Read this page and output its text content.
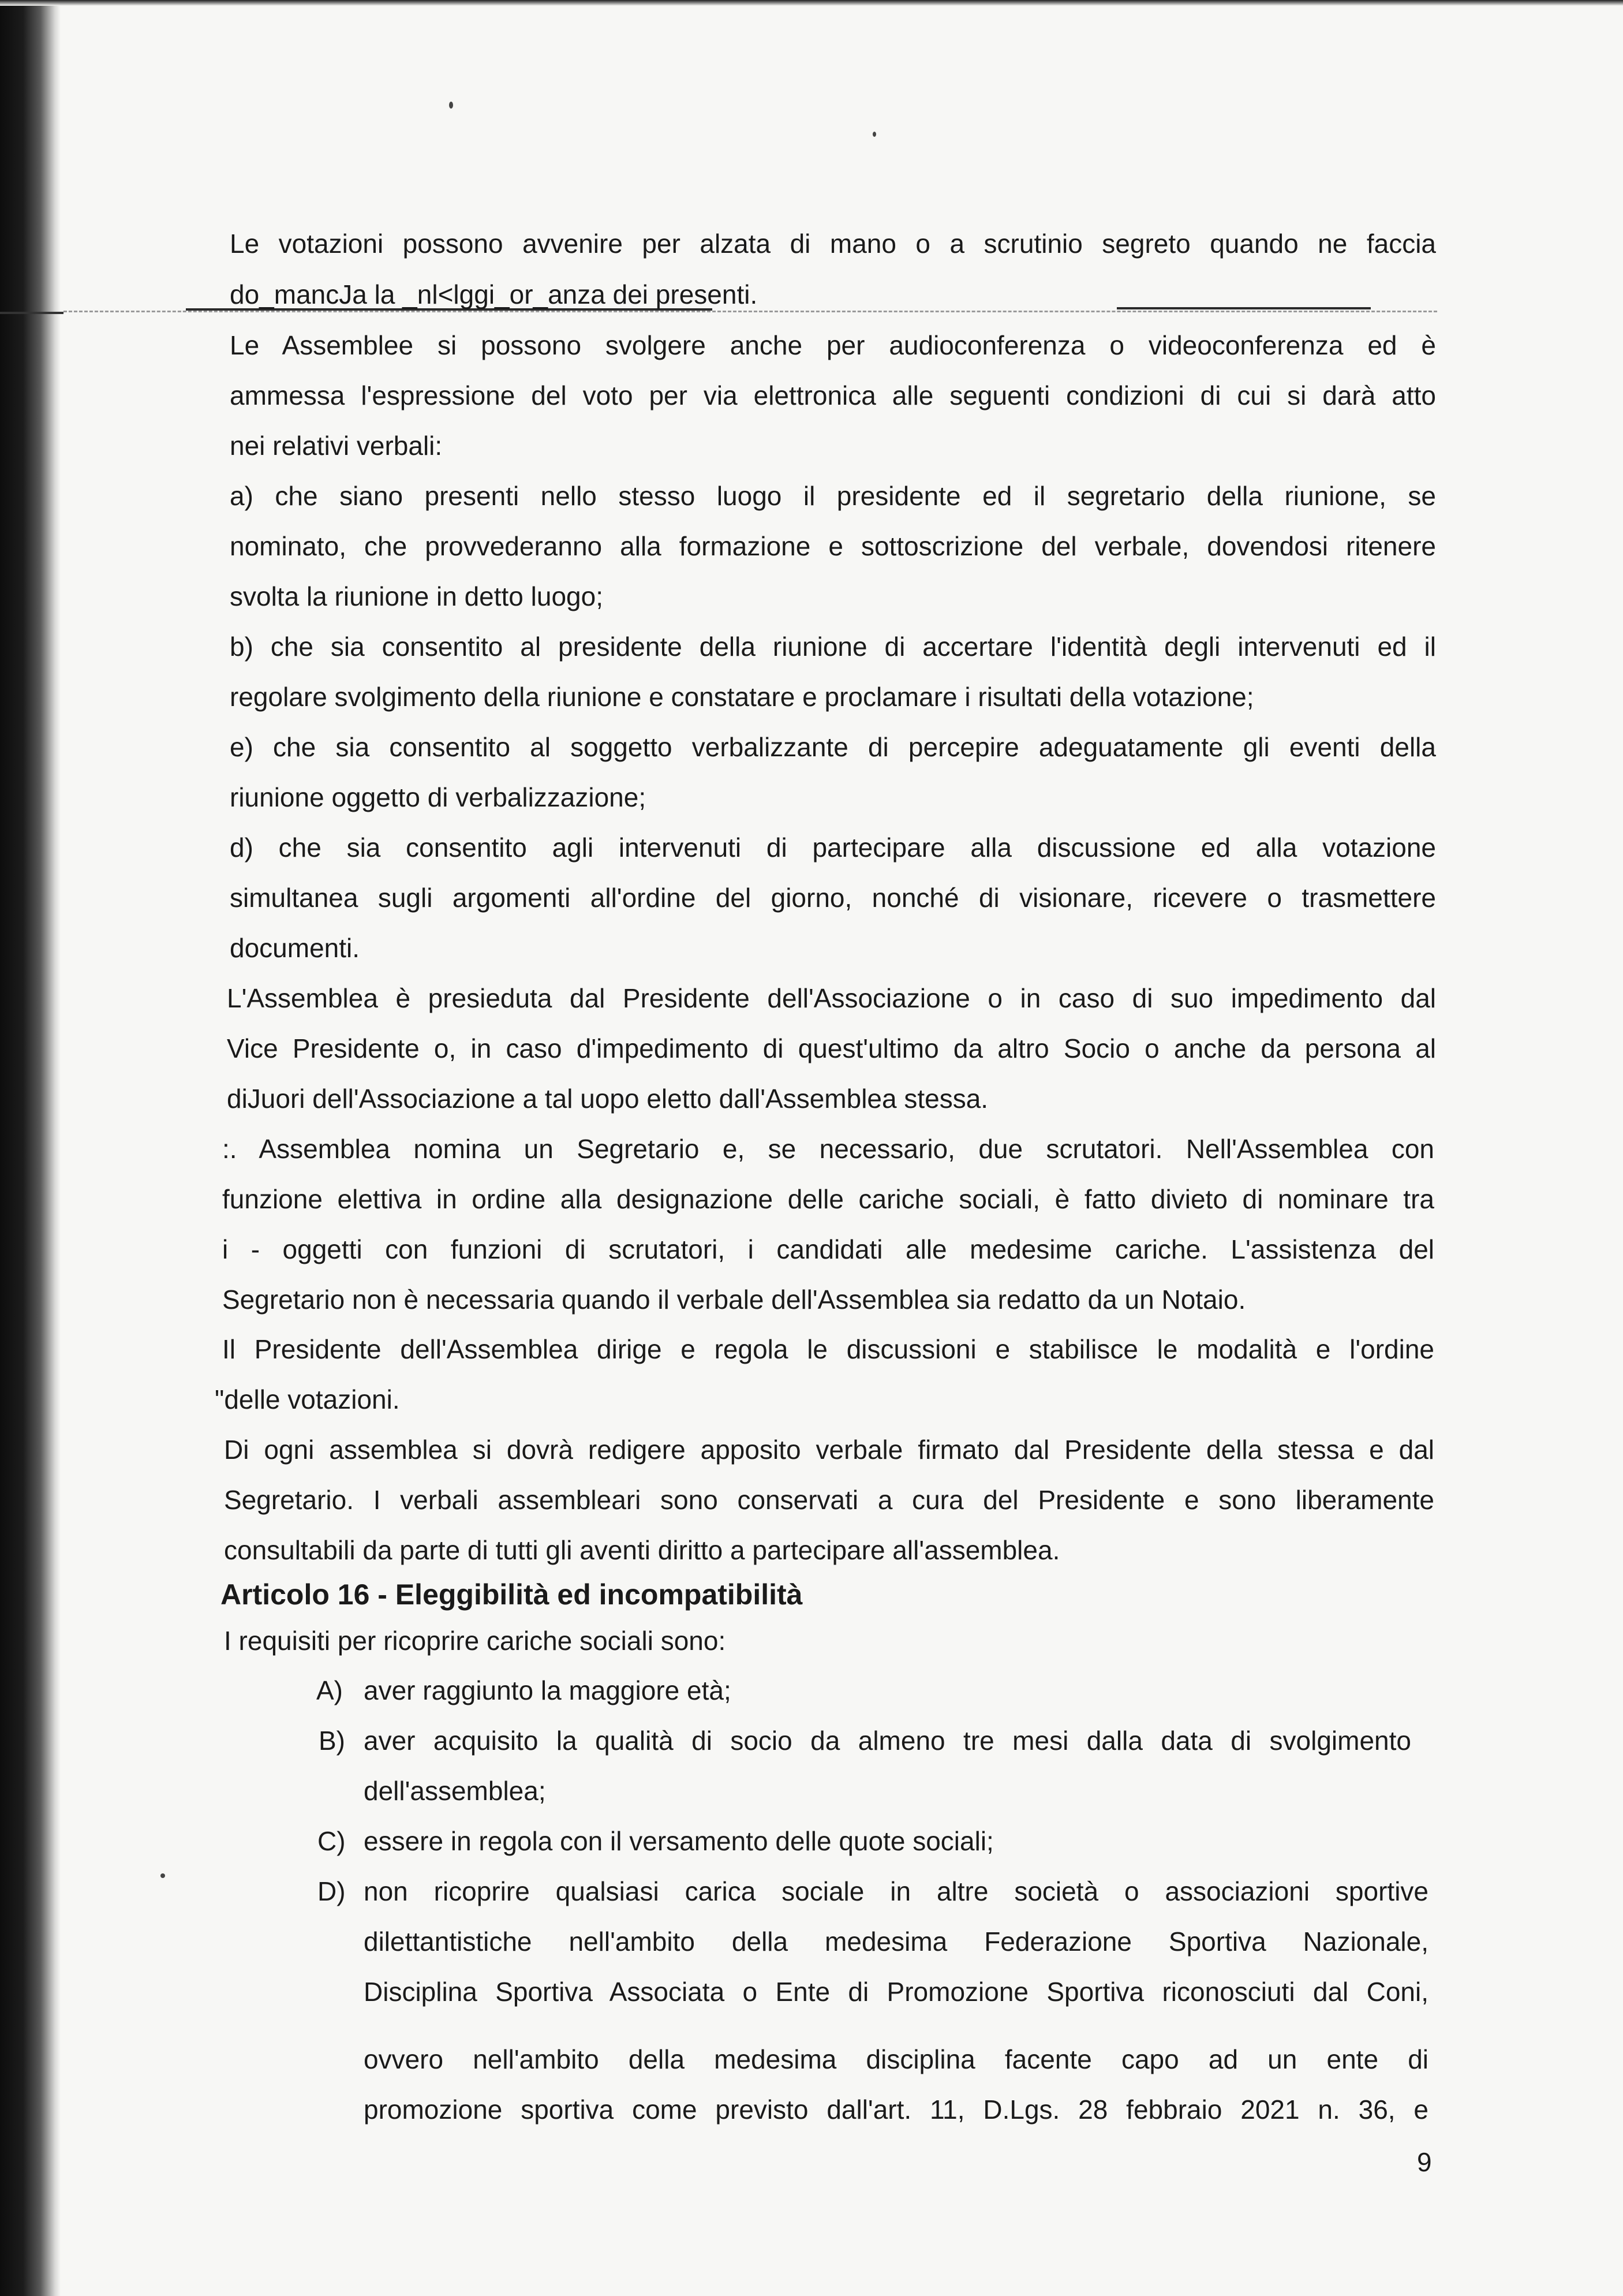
Le votazioni possono avvenire per alzata di mano o a scrutinio segreto quando ne faccia
do_mancJa la _nl<lggi_or_anza dei presenti.
Le Assemblee si possono svolgere anche per audioconferenza o videoconferenza ed è
ammessa l'espressione del voto per via elettronica alle seguenti condizioni di cui si darà atto
nei relativi verbali:
a) che siano presenti nello stesso luogo il presidente ed il segretario della riunione, se
nominato, che provvederanno alla formazione e sottoscrizione del verbale, dovendosi ritenere
svolta la riunione in detto luogo;
b) che sia consentito al presidente della riunione di accertare l'identità degli intervenuti ed il
regolare svolgimento della riunione e constatare e proclamare i risultati della votazione;
e) che sia consentito al soggetto verbalizzante di percepire adeguatamente gli eventi della
riunione oggetto di verbalizzazione;
d) che sia consentito agli intervenuti di partecipare alla discussione ed alla votazione
simultanea sugli argomenti all'ordine del giorno, nonché di visionare, ricevere o trasmettere
documenti.
L'Assemblea è presieduta dal Presidente dell'Associazione o in caso di suo impedimento dal
Vice Presidente o, in caso d'impedimento di quest'ultimo da altro Socio o anche da persona al
diJuori dell'Associazione a tal uopo eletto dall'Assemblea stessa.
:. Assemblea nomina un Segretario e, se necessario, due scrutatori. Nell'Assemblea con
funzione elettiva in ordine alla designazione delle cariche sociali, è fatto divieto di nominare tra
i - oggetti con funzioni di scrutatori, i candidati alle medesime cariche. L'assistenza del
Segretario non è necessaria quando il verbale dell'Assemblea sia redatto da un Notaio.
Il Presidente dell'Assemblea dirige e regola le discussioni e stabilisce le modalità e l'ordine
"delle votazioni.
Di ogni assemblea si dovrà redigere apposito verbale firmato dal Presidente della stessa e dal
Segretario. I verbali assembleari sono conservati a cura del Presidente e sono liberamente
consultabili da parte di tutti gli aventi diritto a partecipare all'assemblea.
Articolo 16 - Eleggibilità ed incompatibilità
I requisiti per ricoprire cariche sociali sono:
A) aver raggiunto la maggiore età;
B) aver acquisito la qualità di socio da almeno tre mesi dalla data di svolgimento
dell'assemblea;
C) essere in regola con il versamento delle quote sociali;
D) non ricoprire qualsiasi carica sociale in altre società o associazioni sportive
dilettantistiche nell'ambito della medesima Federazione Sportiva Nazionale,
Disciplina Sportiva Associata o Ente di Promozione Sportiva riconosciuti dal Coni,
ovvero nell'ambito della medesima disciplina facente capo ad un ente di
promozione sportiva come previsto dall'art. 11, D.Lgs. 28 febbraio 2021 n. 36, e
9
